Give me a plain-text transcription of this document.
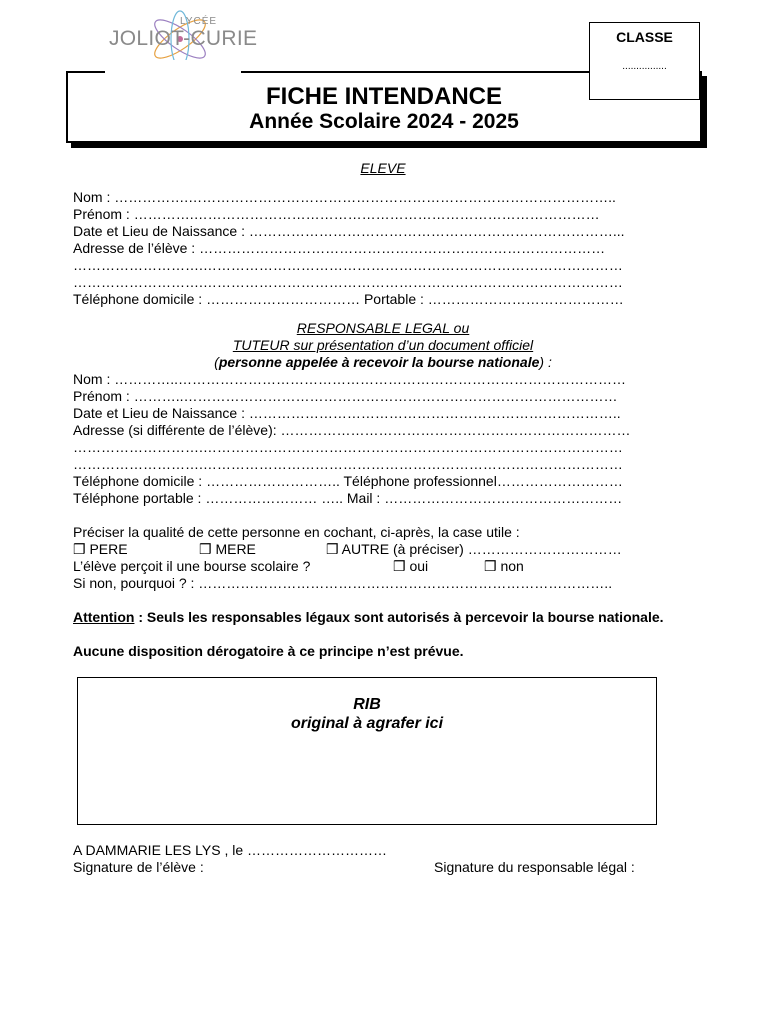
LYCÉE
JOLIOT-CURIE
FICHE INTENDANCE
Année Scolaire 2024 - 2025
CLASSE
................
ELEVE
Nom : …………….………………………………………………………………………………..
Prénom : ………….……………………………………………………………………………
Date et Lieu de Naissance : ……………………………………………………………………...
Adresse de l’élève : ……………………………………………………………………………
……………………….………………………………………………………………………………
……………………….………………………………………………………………………………
Téléphone domicile : …………………………… Portable : ……………………………………
RESPONSABLE LEGAL ou
TUTEUR sur présentation d’un document officiel
(personne appelée à recevoir la bourse nationale) :
Nom : …………..……………………………………………………………………………………
Prénom : ………..…………………………………………………………………………………
Date et Lieu de Naissance : ……………………………………………………………………..
Adresse (si différente de l’élève): …………………………………………………………………
……………………….………………………………………………………………………………
……………………….………………………………………………………………………………
Téléphone domicile : ……………………….. Téléphone professionnel………………………
Téléphone portable : …………………… ….. Mail : ……………………………………………
Préciser la qualité de cette personne en cochant, ci-après, la case utile :
❒ PERE	❒ MERE	❒ AUTRE (à préciser) ……………………………
L’élève perçoit il une bourse scolaire ?	❒ oui	❒ non
Si non, pourquoi ? : ……………………………………………………………………………..
Attention : Seuls les responsables légaux sont autorisés à percevoir la bourse nationale.
Aucune disposition dérogatoire à ce principe n’est prévue.
RIB
original à agrafer ici
A DAMMARIE LES LYS , le …………………………
Signature de l’élève :	Signature du responsable légal :
